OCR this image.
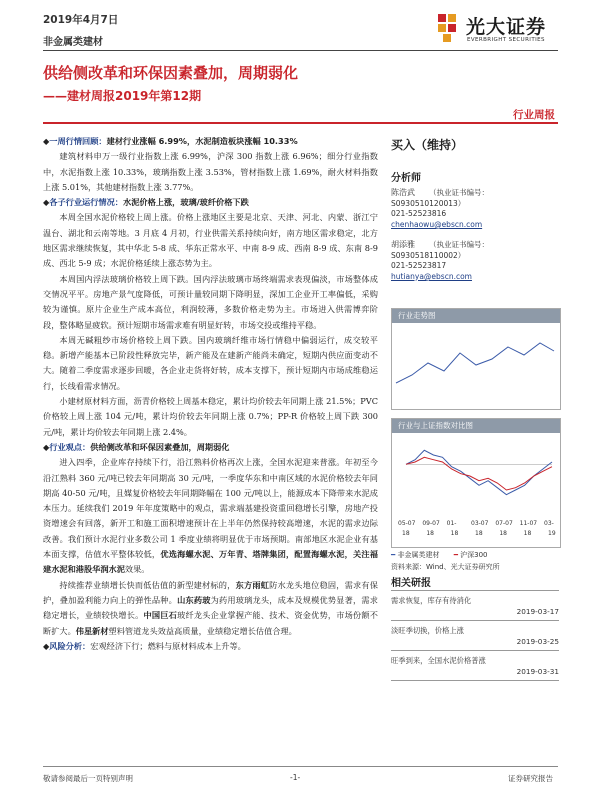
2019年4月7日
非金属类建材
光大证券
EVERBRIGHT SECURITIES
供给侧改革和环保因素叠加，周期弱化
——建材周报2019年第12期
行业周报

◆一周行情回顾：建材行业涨幅 6.99%，水泥制造板块涨幅 10.33%

建筑材料申万一级行业指数上涨 6.99%，沪深 300 指数上涨 6.96%；细分行业指数中，水泥指数上涨 10.33%，玻璃指数上涨 3.53%，管材指数上涨 1.69%，耐火材料指数上涨 5.01%，其他建材指数上涨 3.77%。

◆各子行业运行情况：水泥价格上涨，玻璃/玻纤价格下跌

本周全国水泥价格较上周上涨。价格上涨地区主要是北京、天津、河北、内蒙、浙江宁温台、湖北和云南等地。3 月底 4 月初，行业供需关系持续向好，南方地区需求稳定，北方地区需求继续恢复，其中华北 5-8 成、华东正常水平、中南 8-9 成、西南 8-9 成、东南 8-9 成、西北 5-9 成；水泥价格延续上涨态势为主。

本周国内浮法玻璃价格较上周下跌。国内浮法玻璃市场终端需求表现偏淡，市场整体成交情况平平。房地产景气度降低，可预计量较同期下降明显，深加工企业开工率偏低，采购较为谨慎。原片企业生产成本高位，利润较薄，多数价格走势为主。市场进入供需博弈阶段，整体略显疲软。预计短期市场需求难有明显好转，市场交投或维持平稳。

本周无碱粗纱市场价格较上周下跌。国内玻璃纤维市场行情稳中偏弱运行，成交较平稳。新增产能基本已阶段性释放完毕，新产能及在建新产能尚未确定，短期内供应面变动不大。随着二季度需求逐步回暖，各企业走货将好转，成本支撑下，预计短期内市场成维稳运行，长线看需求情况。

小建材原材料方面，沥青价格较上周基本稳定，累计均价较去年同期上涨 21.5%；PVC 价格较上周上涨 104 元/吨，累计均价较去年同期上涨 0.7%；PP-R 价格较上周下跌 300 元/吨，累计均价较去年同期上涨 2.4%。

◆行业观点：供给侧改革和环保因素叠加，周期弱化

进入四季，企业库存持续下行，沿江熟料价格再次上涨，全国水泥迎来普涨。年初至今沿江熟料 360 元/吨已较去年同期高 30 元/吨，一季度华东和中南区域的水泥价格较去年同期高 40-50 元/吨，且媒复价格较去年同期降幅在 100 元/吨以上，能源成本下降带来水泥成本压力。延续我们 2019 年年度策略中的观点，需求端基建投资重回稳增长引擎，房地产投资增速会有回落，新开工和施工面积增速预计在上半年仍然保持较高增速，水泥的需求边际改善。我们预计水泥行业多数公司 1 季度业绩将明显优于市场预期。南部地区水泥企业有基本面支撑，估值水平整体较低，优选海螺水泥、万年青、塔牌集团，配置海螺水泥，关注福建水泥和港股华润水泥效果。

持续推荐业绩增长快而低估值的新型建材标的，东方雨虹防水龙头地位稳固，需求有保护，叠加盈利能力向上的弹性品种。山东药玻为药用玻璃龙头，成本及规模优势显著，需求稳定增长，业绩较快增长。中国巨石玻纤龙头企业掌握产能、技术、资金优势，市场份额不断扩大。伟星新材塑料管道龙头效益高质量，业绩稳定增长估值合理。

◆风险分析：宏观经济下行；燃料与原材料成本上升等。

买入（维持）
分析师
陈浩武 （执业证书编号：S0930510120013）
021-52523816
chenhaowu@ebscn.com
胡添雅 （执业证书编号：S0930518110002）
021-52523817
hutianya@ebscn.com
行业走势图
行业与上证指数对比图
05-07 09-07 01- 03-07 07-07 11-07 03-
18	18	18	18	18	18	19
━ 非金属类建材 ━ 沪深300
资料来源：Wind、光大证券研究所
相关研报
需求恢复，库存有待消化
2019-03-17
淡旺季切换，价格上涨
2019-03-25
旺季到来，全国水泥价格普涨
2019-03-31
敬请参阅最后一页特别声明	-1-	证券研究报告
